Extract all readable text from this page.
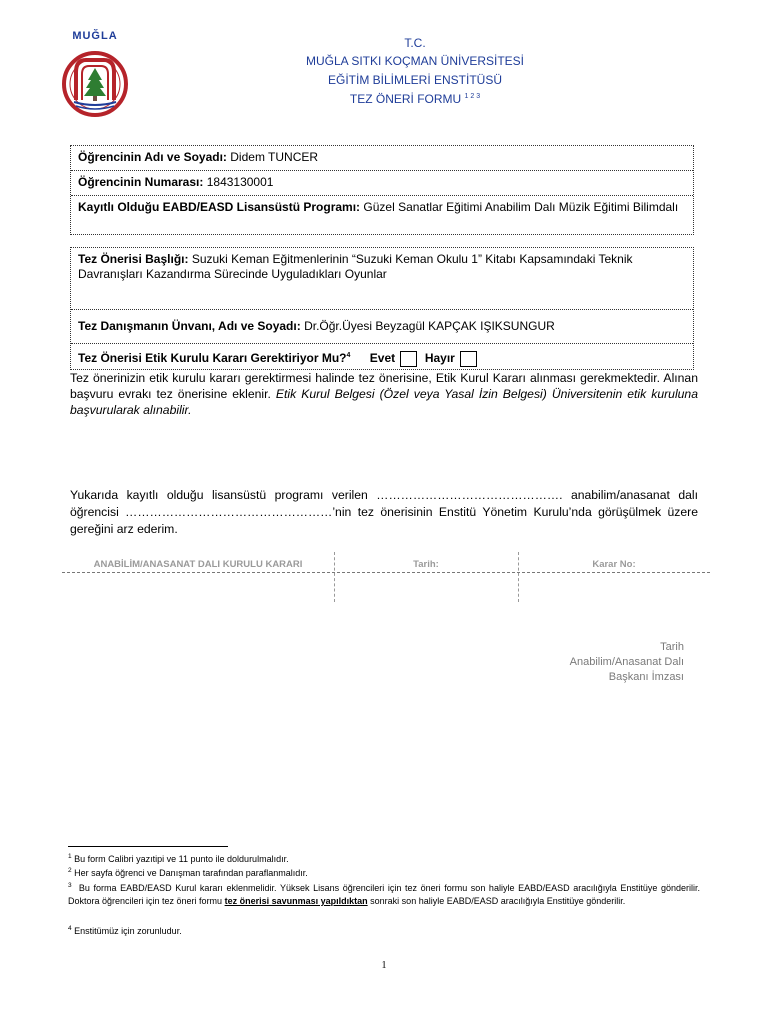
MUĞLA	T.C.
MUĞLA SITKI KOÇMAN ÜNİVERSİTESİ
EĞİTİM BİLİMLERİ ENSTİTÜSÜ
TEZ ÖNERİ FORMU $^{1 2 3}$
Öğrencinin Adı ve Soyadı: Didem TUNCER
Öğrencinin Numarası: 1843130001
Kayıtlı Olduğu EABD/EASD Lisansüstü Programı: Güzel Sanatlar Eğitimi Anabilim Dalı Müzik Eğitimi Bilimdalı
Tez Önerisi Başlığı: Suzuki Keman Eğitmenlerinin “Suzuki Keman Okulu 1” Kitabı Kapsamındaki Teknik Davranışları Kazandırma Sürecinde Uyguladıkları Oyunlar
Tez Danışmanın Ünvanı, Adı ve Soyadı: Dr.Öğr.Üyesi Beyzagül KAPÇAK IŞIKSUNGUR
Tez Önerisi Etik Kurulu Kararı Gerektiriyor Mu?$^4$ Evet Hayır
Tez önerinizin etik kurulu kararı gerektirmesi halinde tez önerisine, Etik Kurul Kararı alınması gerekmektedir. Alınan başvuru evrakı tez önerisine eklenir. Etik Kurul Belgesi (Özel veya Yasal İzin Belgesi) Üniversitenin etik kuruluna başvurularak alınabilir.
Yukarıda kayıtlı olduğu lisansüstü programı verilen ………………………………………. anabilim/anasanat dalı öğrencisi ……………………………………………’nin tez önerisinin Enstitü Yönetim Kurulu’nda görüşülmek üzere gereğini arz ederim.
ANABİLİM/ANASANAT DALI KURULU KARARI	Tarih:	Karar No:
Tarih
Anabilim/Anasanat Dalı
Başkanı İmzası
$^1$ Bu form Calibri yazıtipi ve 11 punto ile doldurulmalıdır.
$^2$ Her sayfa öğrenci ve Danışman tarafından paraflanmalıdır.
$^3$ Bu forma EABD/EASD Kurul kararı eklenmelidir. Yüksek Lisans öğrencileri için tez öneri formu son haliyle EABD/EASD aracılığıyla Enstitüye gönderilir. Doktora öğrencileri için tez öneri formu tez önerisi savunması yapıldıktan sonraki son haliyle EABD/EASD aracılığıyla Enstitüye gönderilir.
$^4$ Enstitümüz için zorunludur.
1
